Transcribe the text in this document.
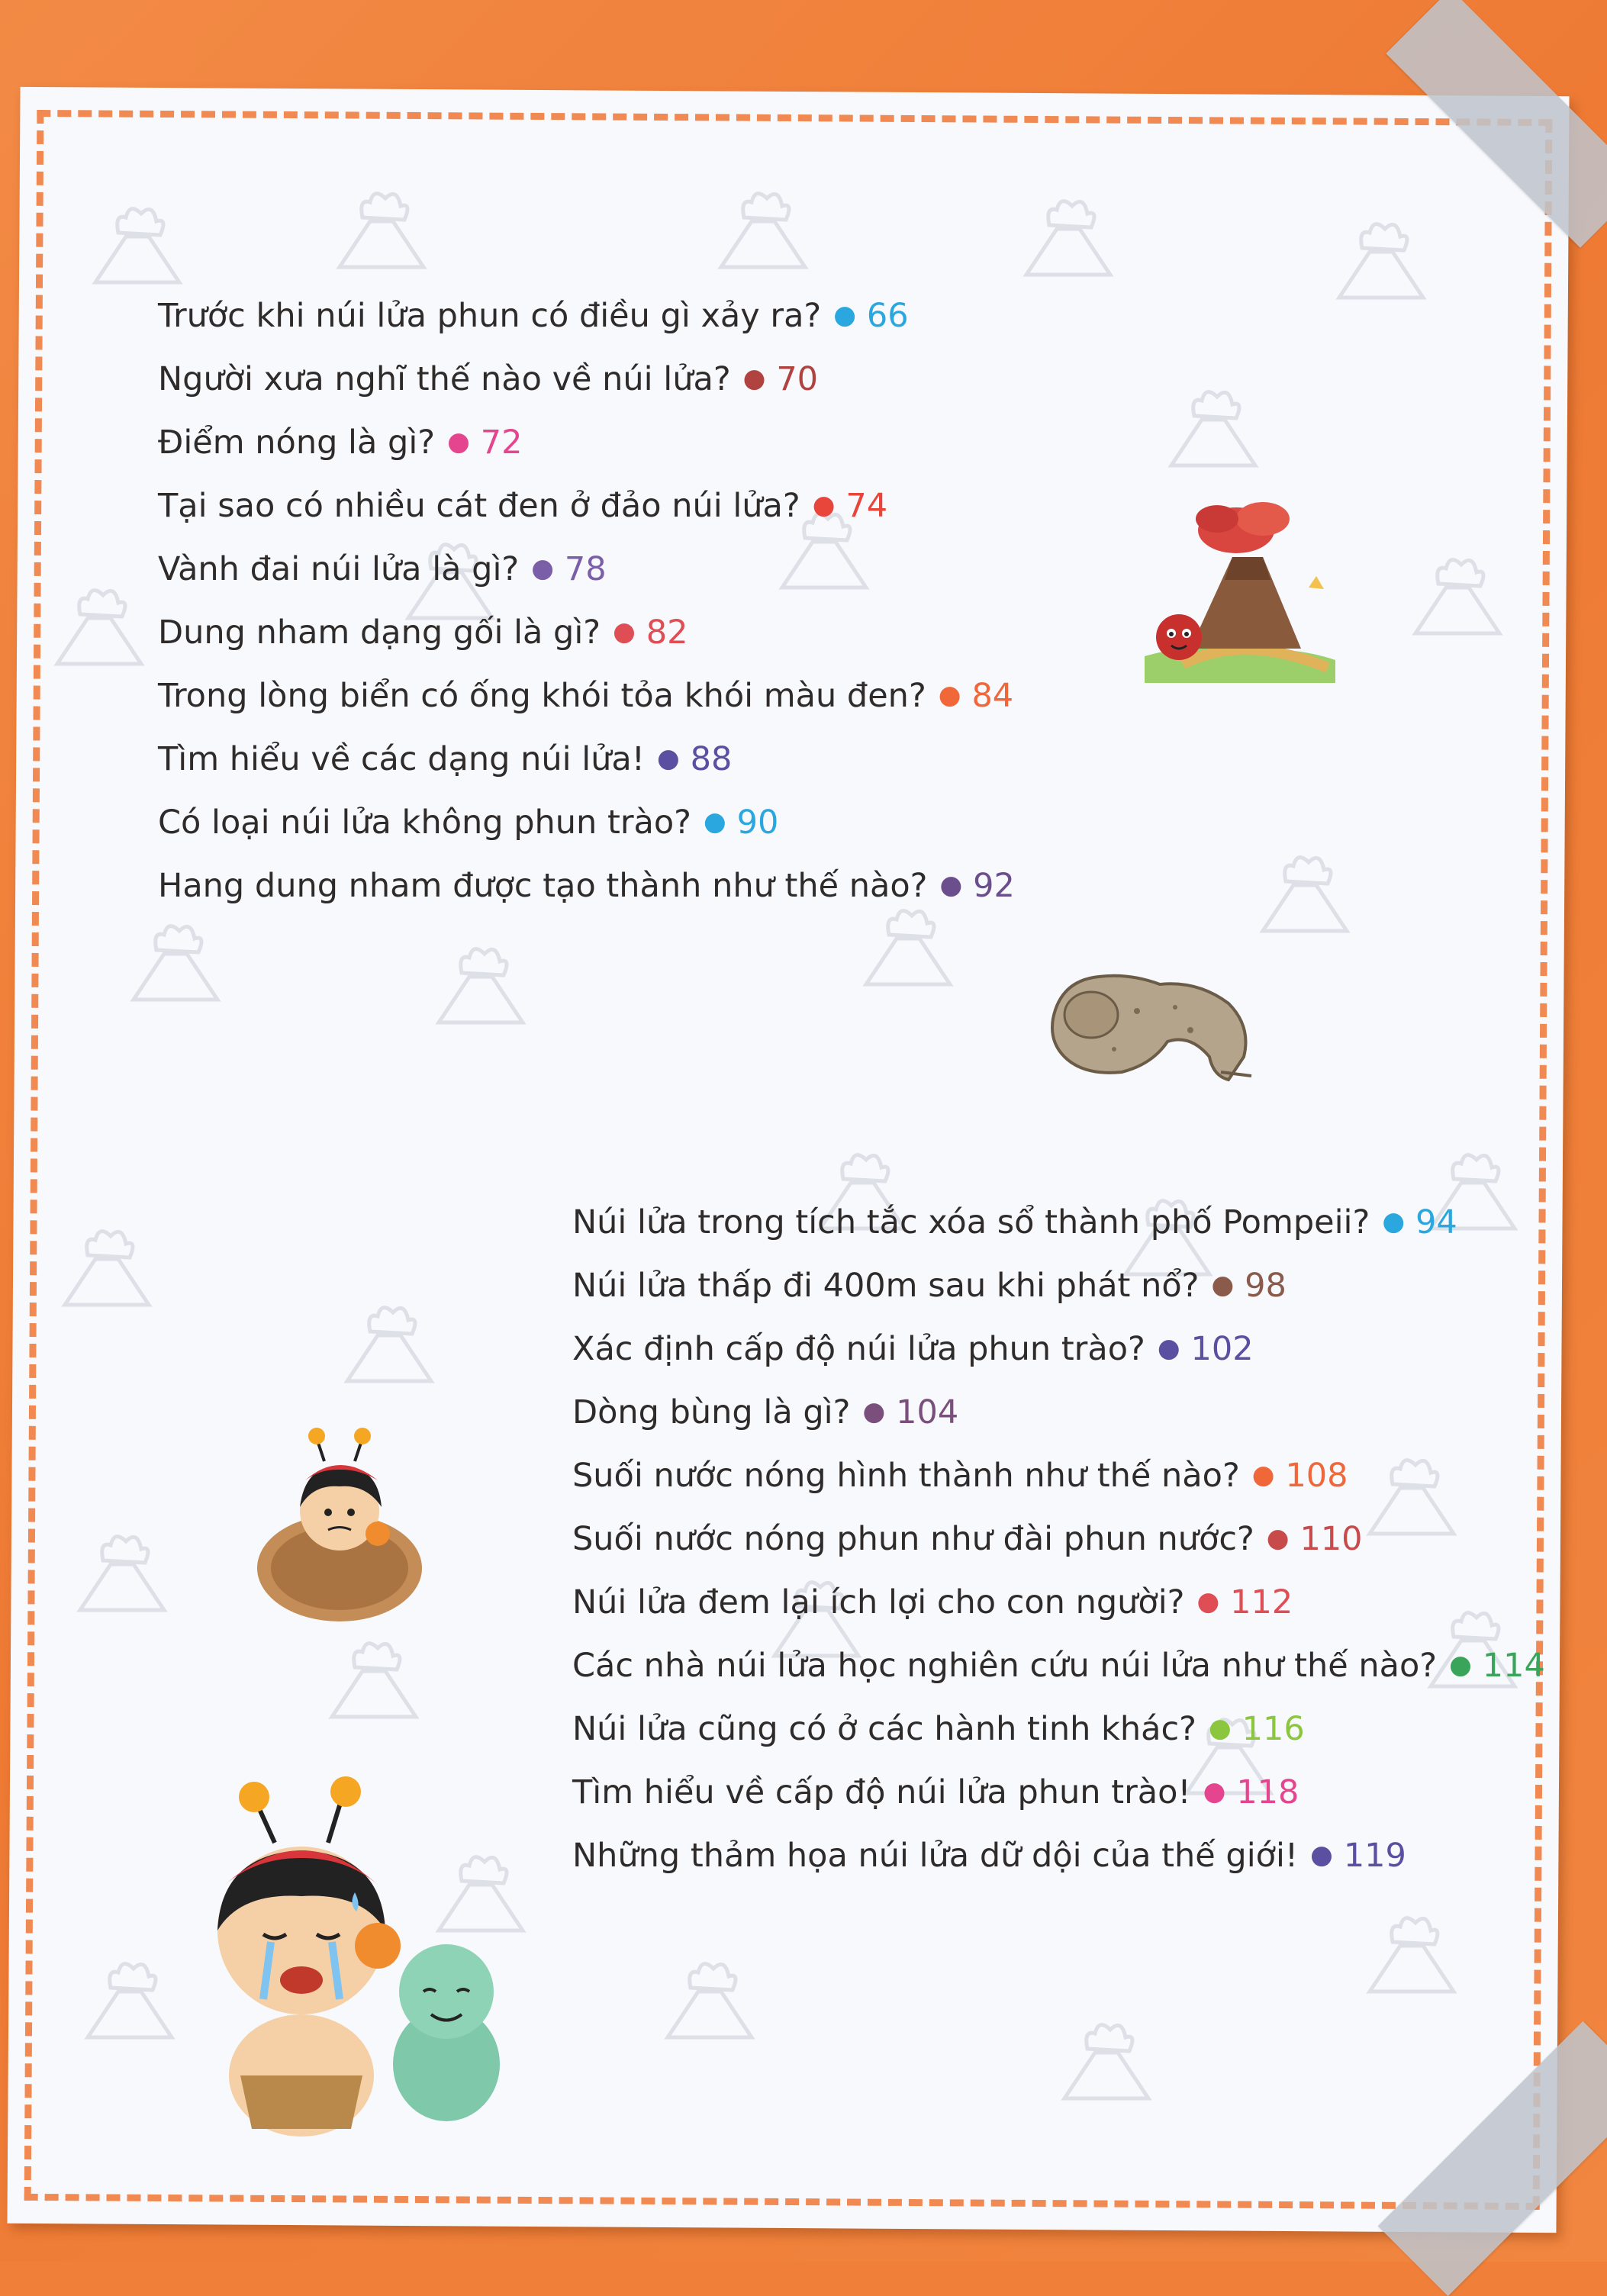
Trước khi núi lửa phun có điều gì xảy ra? ● 66
Người xưa nghĩ thế nào về núi lửa? ● 70
Điểm nóng là gì? ● 72
Tại sao có nhiều cát đen ở đảo núi lửa? ● 74
Vành đai núi lửa là gì? ● 78
Dung nham dạng gối là gì? ● 82
Trong lòng biển có ống khói tỏa khói màu đen? ● 84
Tìm hiểu về các dạng núi lửa! ● 88
Có loại núi lửa không phun trào? ● 90
Hang dung nham được tạo thành như thế nào? ● 92
Núi lửa trong tích tắc xóa sổ thành phố Pompeii? ● 94
Núi lửa thấp đi 400m sau khi phát nổ? ● 98
Xác định cấp độ núi lửa phun trào? ● 102
Dòng bùng là gì? ● 104
Suối nước nóng hình thành như thế nào? ● 108
Suối nước nóng phun như đài phun nước? ● 110
Núi lửa đem lại ích lợi cho con người? ● 112
Các nhà núi lửa học nghiên cứu núi lửa như thế nào? ● 114
Núi lửa cũng có ở các hành tinh khác? ● 116
Tìm hiểu về cấp độ núi lửa phun trào! ● 118
Những thảm họa núi lửa dữ dội của thế giới! ● 119
